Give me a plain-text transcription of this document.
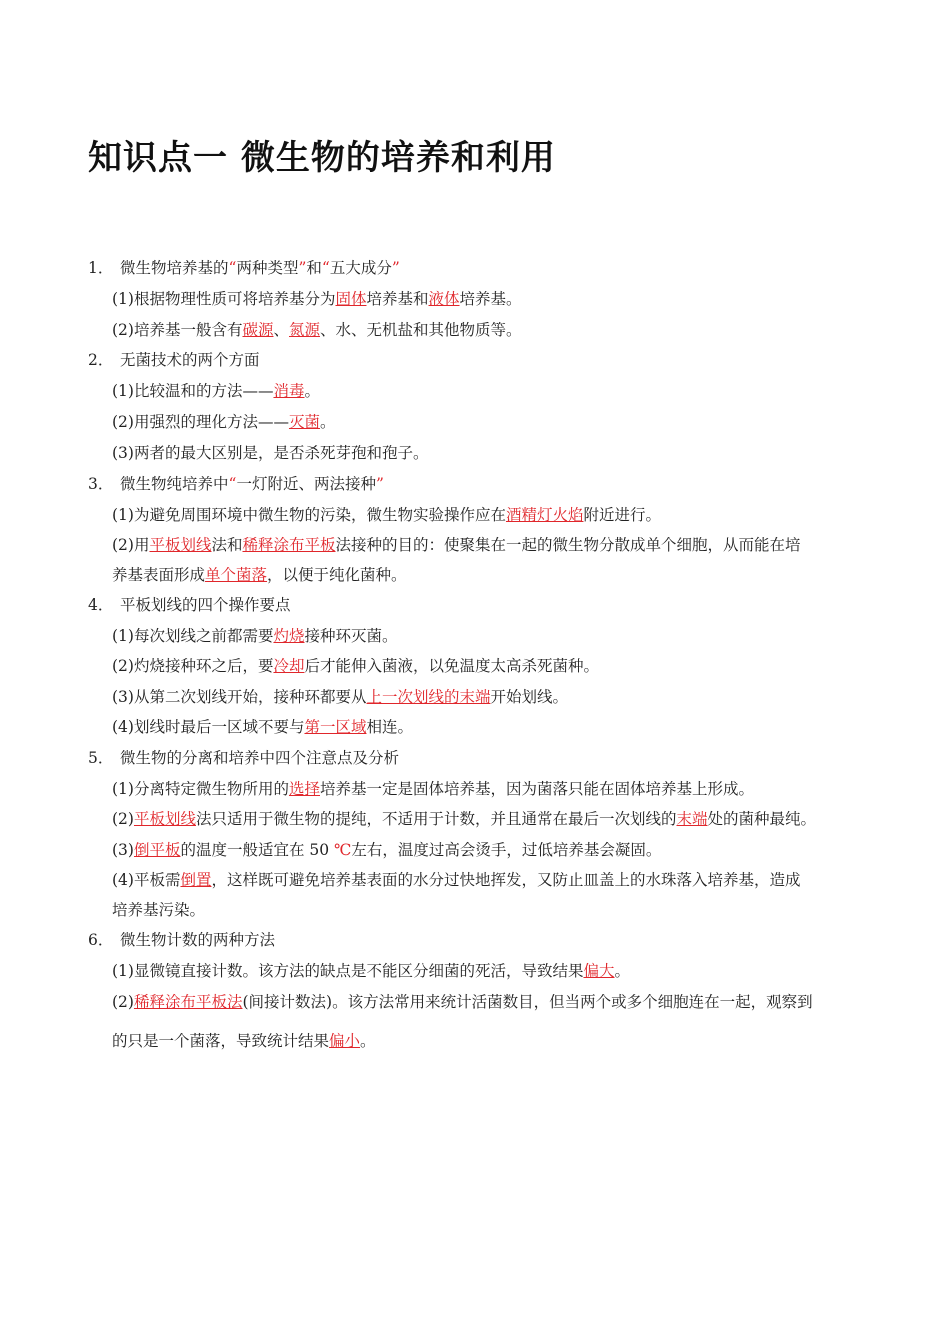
知识点一 微生物的培养和利用
1． 微生物培养基的“两种类型”和“五大成分”
(1)根据物理性质可将培养基分为固体培养基和液体培养基。
(2)培养基一般含有碳源、氮源、水、无机盐和其他物质等。
2． 无菌技术的两个方面
(1)比较温和的方法——消毒。
(2)用强烈的理化方法——灭菌。
(3)两者的最大区别是，是否杀死芽孢和孢子。
3． 微生物纯培养中“一灯附近、两法接种”
(1)为避免周围环境中微生物的污染，微生物实验操作应在酒精灯火焰附近进行。
(2)用平板划线法和稀释涂布平板法接种的目的：使聚集在一起的微生物分散成单个细胞，从而能在培
养基表面形成单个菌落，以便于纯化菌种。
4． 平板划线的四个操作要点
(1)每次划线之前都需要灼烧接种环灭菌。
(2)灼烧接种环之后，要冷却后才能伸入菌液，以免温度太高杀死菌种。
(3)从第二次划线开始，接种环都要从上一次划线的末端开始划线。
(4)划线时最后一区域不要与第一区域相连。
5． 微生物的分离和培养中四个注意点及分析
(1)分离特定微生物所用的选择培养基一定是固体培养基，因为菌落只能在固体培养基上形成。
(2)平板划线法只适用于微生物的提纯，不适用于计数，并且通常在最后一次划线的末端处的菌种最纯。
(3)倒平板的温度一般适宜在 50 ℃左右，温度过高会烫手，过低培养基会凝固。
(4)平板需倒置，这样既可避免培养基表面的水分过快地挥发，又防止皿盖上的水珠落入培养基，造成
培养基污染。
6． 微生物计数的两种方法
(1)显微镜直接计数。该方法的缺点是不能区分细菌的死活，导致结果偏大。
(2)稀释涂布平板法(间接计数法)。该方法常用来统计活菌数目，但当两个或多个细胞连在一起，观察到
的只是一个菌落，导致统计结果偏小。
